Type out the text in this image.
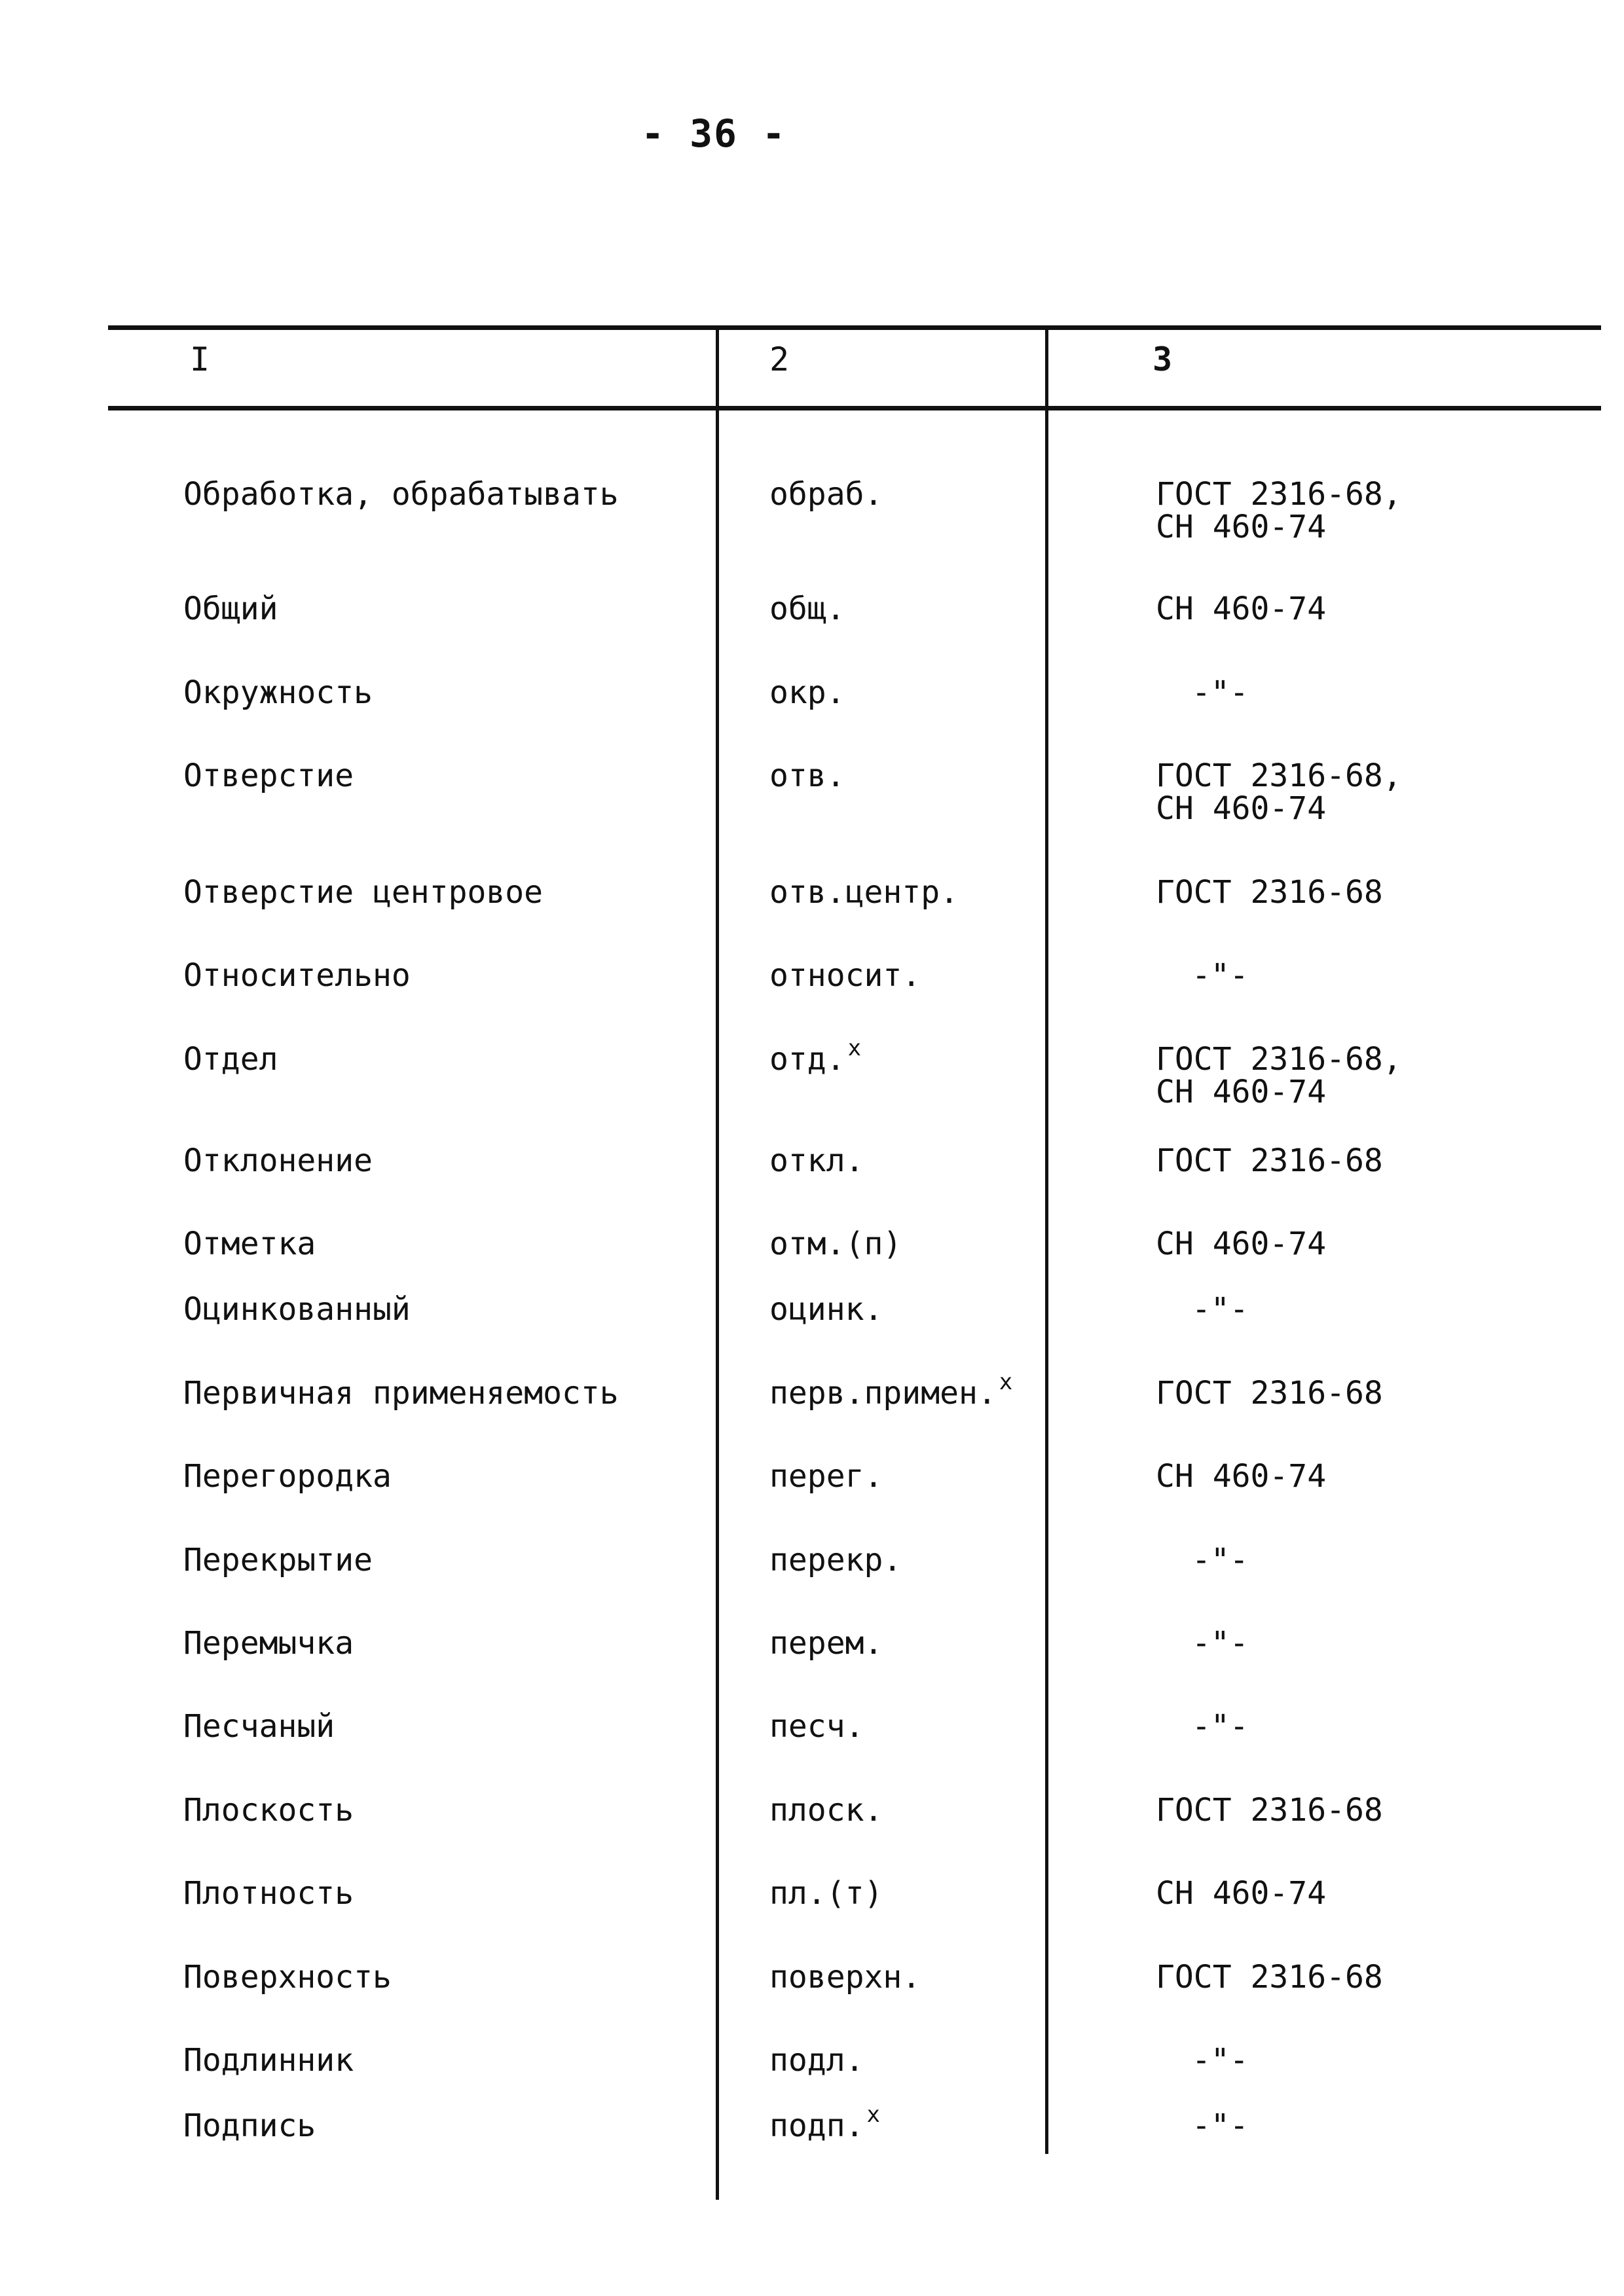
- 36 -
I	2	3
Обработка, обрабатывать	обраб.	ГОСТ 2316-68,
СН 460-74
Общий	общ.	СН 460-74
Окружность	окр.	-"-
Отверстие	отв.	ГОСТ 2316-68,
СН 460-74
Отверстие центровое	отв.центр.	ГОСТ 2316-68
Относительно	относит.	-"-
Отдел	отд. $^x$	ГОСТ 2316-68,
СН 460-74
Отклонение	откл.	ГОСТ 2316-68
Отметка	отм.(п)	СН 460-74
Оцинкованный	оцинк.	-"-
Первичная применяемость	перв.примен. $^x$	ГОСТ 2316-68
Перегородка	перег.	СН 460-74
Перекрытие	перекр.	-"-
Перемычка	перем.	-"-
Песчаный	песч.	-"-
Плоскость	плоск.	ГОСТ 2316-68
Плотность	пл.(т)	СН 460-74
Поверхность	поверхн.	ГОСТ 2316-68
Подлинник	подл.	-"-
Подпись	подп. $^x$	-"-
